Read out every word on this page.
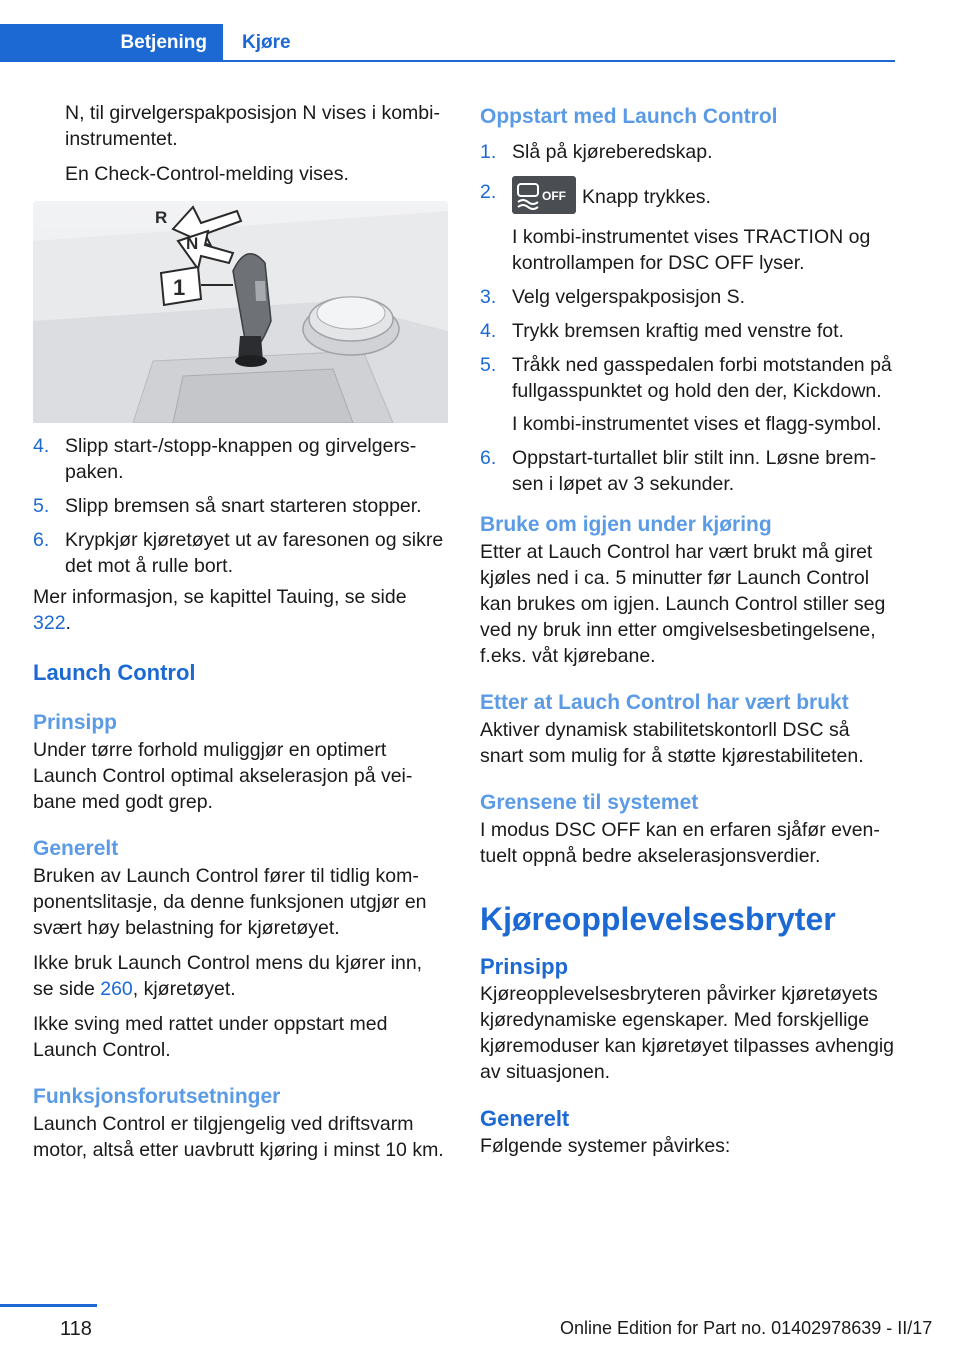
Betjening Kjøre

N, til girvelgerspakposisjon N vises i kombi-instrumentet.

En Check-Control-melding vises.

R
N
1
4. Slipp start-/stopp-knappen og girvelgerspaken.
5. Slipp bremsen så snart starteren stopper.
6. Krypkjør kjøretøyet ut av faresonen og sikre det mot å rulle bort.

Mer informasjon, se kapittel Tauing, se side 322.

Launch Control

Prinsipp

Under tørre forhold muliggjør en optimert Launch Control optimal akselerasjon på veibane med godt grep.

Generelt

Bruken av Launch Control fører til tidlig komponentslitasje, da denne funksjonen utgjør en svært høy belastning for kjøretøyet.

Ikke bruk Launch Control mens du kjører inn, se side 260, kjøretøyet.

Ikke sving med rattet under oppstart med Launch Control.

Funksjonsforutsetninger

Launch Control er tilgjengelig ved driftsvarm motor, altså etter uavbrutt kjøring i minst 10 km.

Oppstart med Launch Control

1. Slå på kjøreberedskap.

2.	OFF Knapp trykkes.

I kombi-instrumentet vises TRACTION og kontrollampen for DSC OFF lyser.

3. Velg velgerspakposisjon S.

4. Trykk bremsen kraftig med venstre fot.

5. Tråkk ned gasspedalen forbi motstanden på fullgasspunktet og hold den der, Kickdown.

I kombi-instrumentet vises et flagg-symbol.

6. Oppstart-turtallet blir stilt inn. Løsne bremsen i løpet av 3 sekunder.

Bruke om igjen under kjøring

Etter at Lauch Control har vært brukt må giret kjøles ned i ca. 5 minutter før Launch Control kan brukes om igjen. Launch Control stiller seg ved ny bruk inn etter omgivelsesbetingelsene, f.eks. våt kjørebane.

Etter at Lauch Control har vært brukt

Aktiver dynamisk stabilitetskontorll DSC så snart som mulig for å støtte kjørestabiliteten.

Grensene til systemet

I modus DSC OFF kan en erfaren sjåfør eventuelt oppnå bedre akselerasjonsverdier.

Kjøreopplevelsesbryter

Prinsipp

Kjøreopplevelsesbryteren påvirker kjøretøyets kjøredynamiske egenskaper. Med forskjellige kjøremoduser kan kjøretøyet tilpasses avhengig av situasjonen.

Generelt

Følgende systemer påvirkes:

118	Online Edition for Part no. 01402978639 - II/17
